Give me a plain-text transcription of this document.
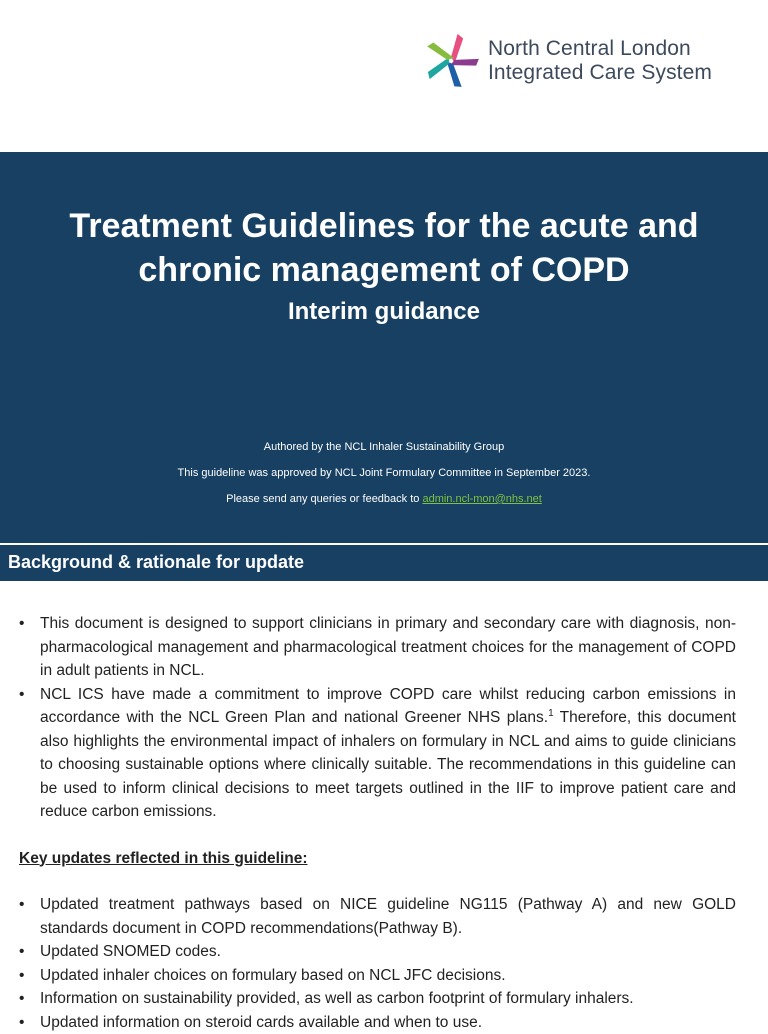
North Central London
Integrated Care System
Treatment Guidelines for the acute and
chronic management of COPD
Interim guidance
Authored by the NCL Inhaler Sustainability Group
This guideline was approved by NCL Joint Formulary Committee in September 2023.
Please send any queries or feedback to admin.ncl-mon@nhs.net
Background & rationale for update
• This document is designed to support clinicians in primary and secondary care with diagnosis, non-pharmacological management and pharmacological treatment choices for the management of COPD in adult patients in NCL.
• NCL ICS have made a commitment to improve COPD care whilst reducing carbon emissions in accordance with the NCL Green Plan and national Greener NHS plans.$^1$ Therefore, this document also highlights the environmental impact of inhalers on formulary in NCL and aims to guide clinicians to choosing sustainable options where clinically suitable. The recommendations in this guideline can be used to inform clinical decisions to meet targets outlined in the IIF to improve patient care and reduce carbon emissions.
Key updates reflected in this guideline:
• Updated treatment pathways based on NICE guideline NG115 (Pathway A) and new GOLD standards document in COPD recommendations(Pathway B).
• Updated SNOMED codes.
• Updated inhaler choices on formulary based on NCL JFC decisions.
• Information on sustainability provided, as well as carbon footprint of formulary inhalers.
• Updated information on steroid cards available and when to use.
